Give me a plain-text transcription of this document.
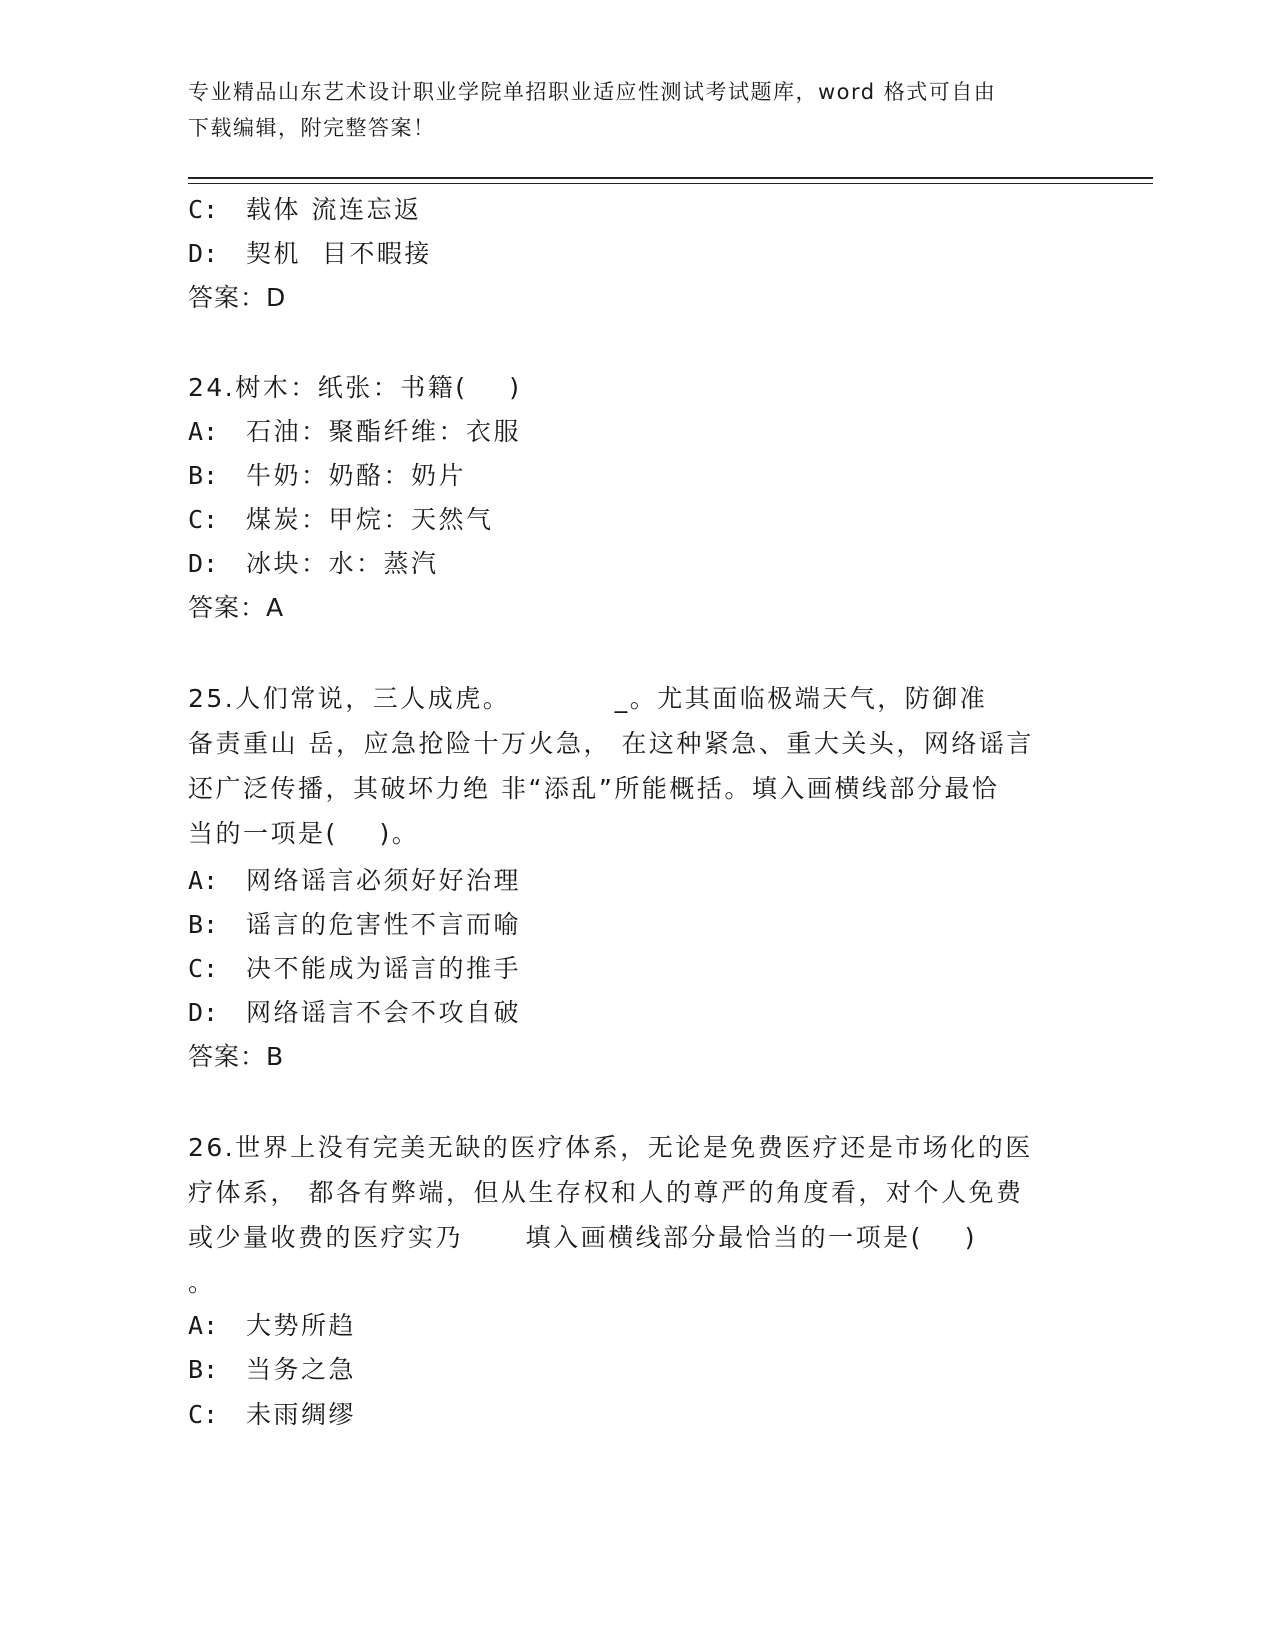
专业精品山东艺术设计职业学院单招职业适应性测试考试题库，word 格式可自由
下载编辑，附完整答案！
C: 载体 流连忘返
D: 契机  目不暇接
答案：D
24.树木：纸张：书籍(    )
A: 石油：聚酯纤维：衣服
B: 牛奶：奶酪：奶片
C: 煤炭：甲烷：天然气
D: 冰块：水：蒸汽
答案：A
25.人们常说，三人成虎。          _。尤其面临极端天气，防御准
备责重山 岳，应急抢险十万火急， 在这种紧急、重大关头，网络谣言
还广泛传播，其破坏力绝 非“添乱”所能概括。填入画横线部分最恰
当的一项是(    )。
A: 网络谣言必须好好治理
B: 谣言的危害性不言而喻
C: 决不能成为谣言的推手
D: 网络谣言不会不攻自破
答案：B
26.世界上没有完美无缺的医疗体系，无论是免费医疗还是市场化的医
疗体系， 都各有弊端，但从生存权和人的尊严的角度看，对个人免费
或少量收费的医疗实乃      填入画横线部分最恰当的一项是(    )
。
A: 大势所趋
B: 当务之急
C: 未雨绸缪
